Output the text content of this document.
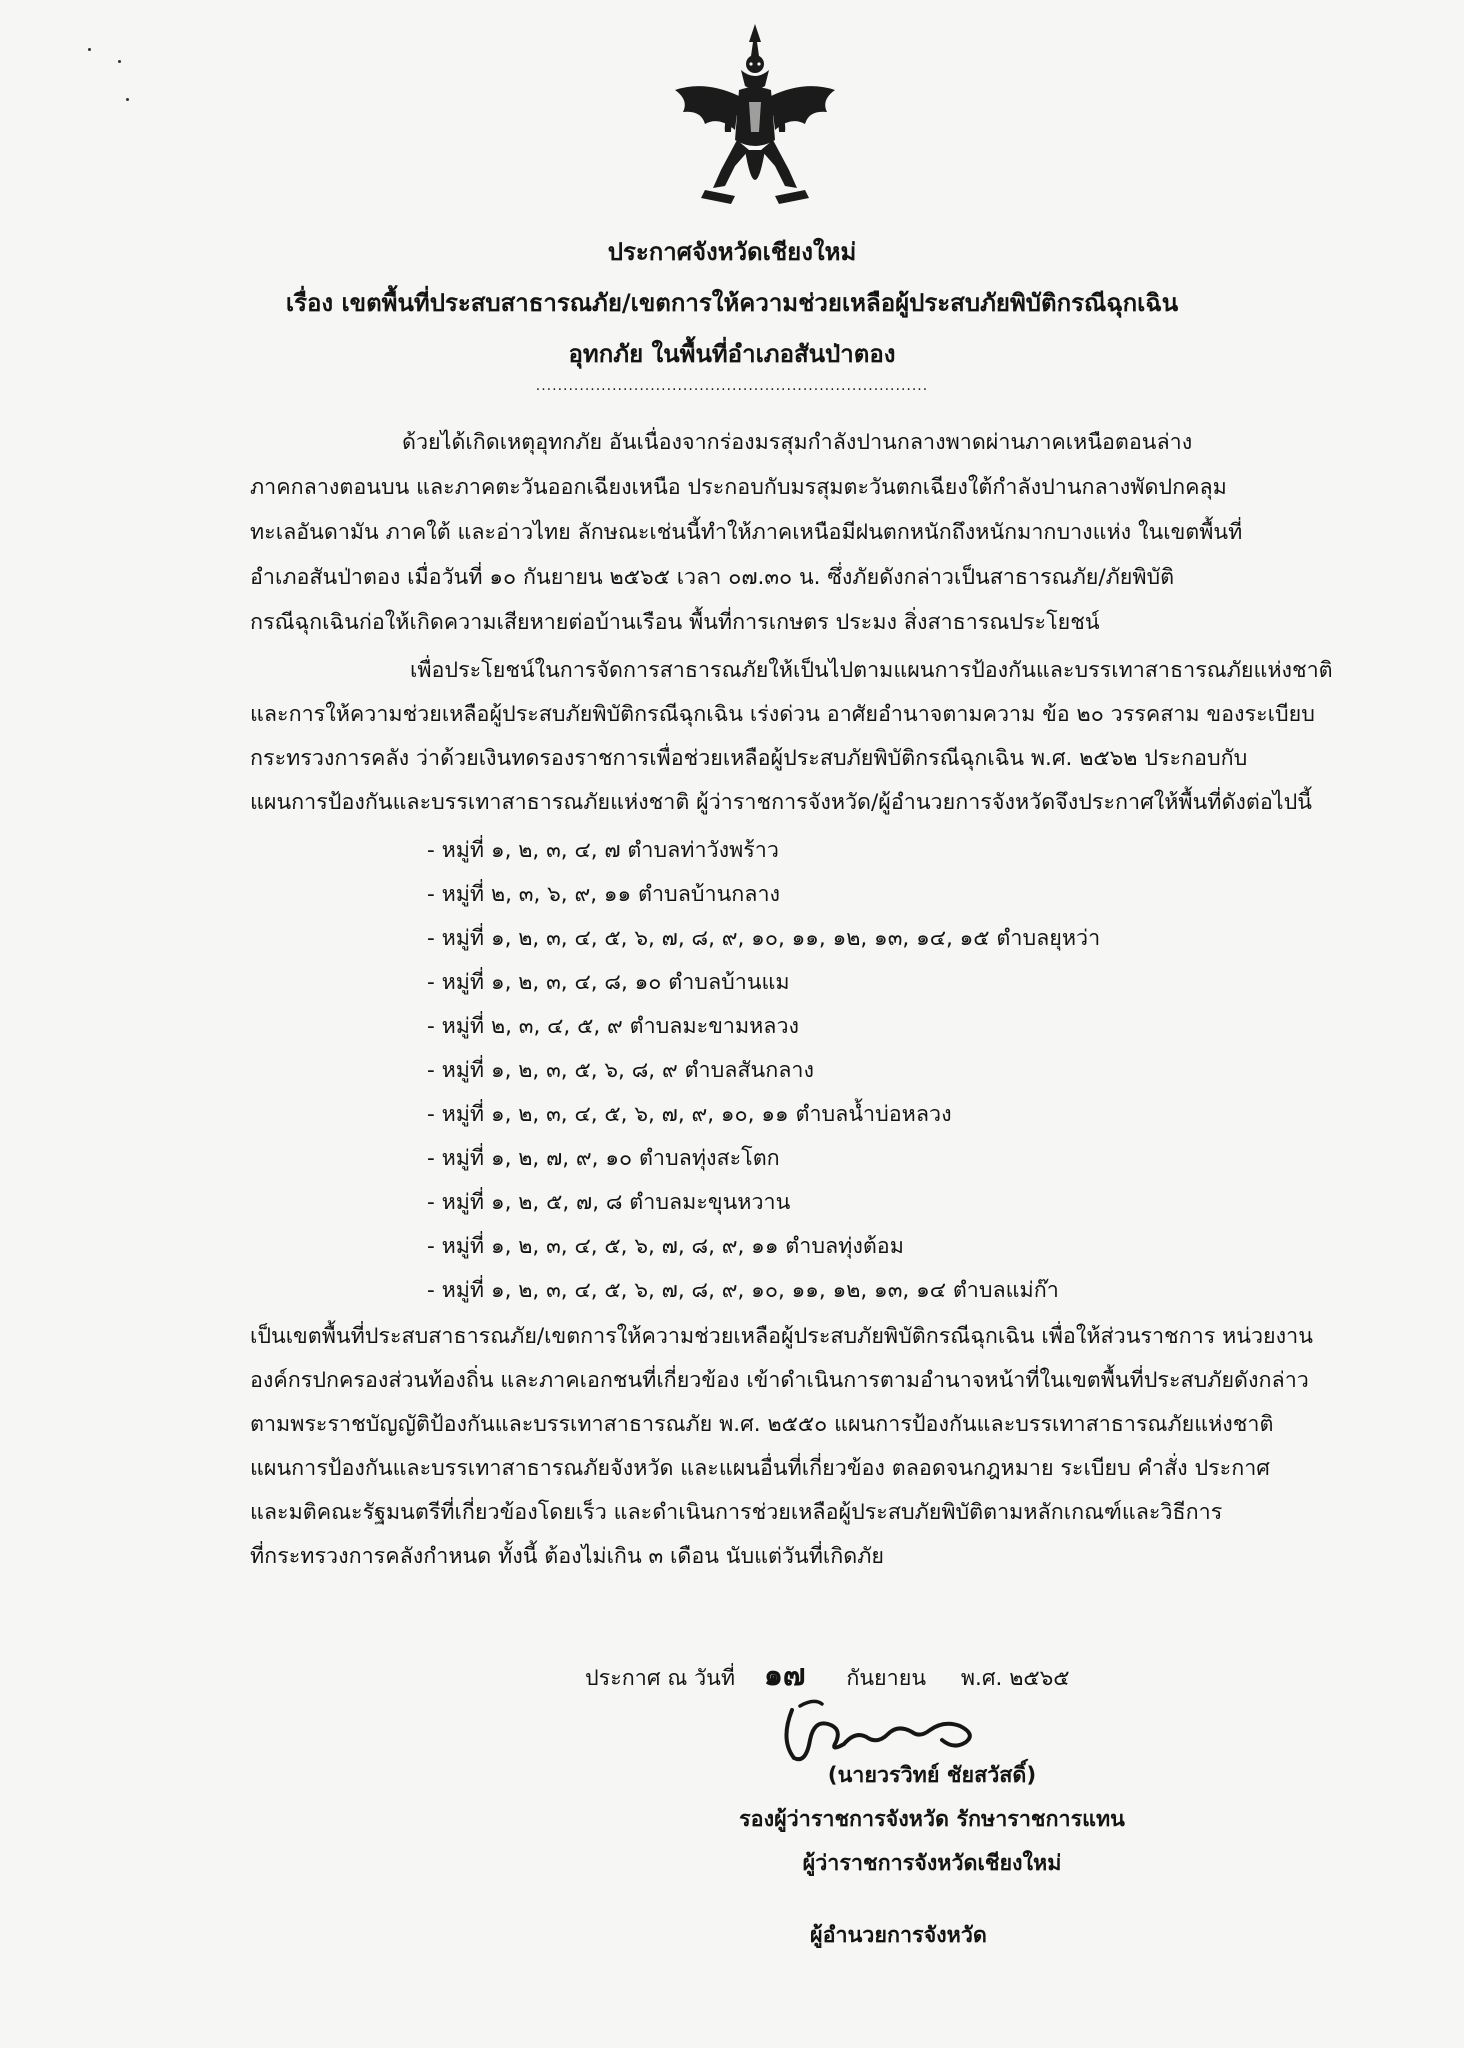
ประกาศจังหวัดเชียงใหม่
เรื่อง เขตพื้นที่ประสบสาธารณภัย/เขตการให้ความช่วยเหลือผู้ประสบภัยพิบัติกรณีฉุกเฉิน
อุทกภัย ในพื้นที่อำเภอสันป่าตอง
........................................................................
ด้วยได้เกิดเหตุอุทกภัย อันเนื่องจากร่องมรสุมกำลังปานกลางพาดผ่านภาคเหนือตอนล่าง
ภาคกลางตอนบน และภาคตะวันออกเฉียงเหนือ ประกอบกับมรสุมตะวันตกเฉียงใต้กำลังปานกลางพัดปกคลุม
ทะเลอันดามัน ภาคใต้ และอ่าวไทย ลักษณะเช่นนี้ทำให้ภาคเหนือมีฝนตกหนักถึงหนักมากบางแห่ง ในเขตพื้นที่
อำเภอสันป่าตอง เมื่อวันที่ ๑๐ กันยายน ๒๕๖๕ เวลา ๐๗.๓๐ น. ซึ่งภัยดังกล่าวเป็นสาธารณภัย/ภัยพิบัติ
กรณีฉุกเฉินก่อให้เกิดความเสียหายต่อบ้านเรือน พื้นที่การเกษตร ประมง สิ่งสาธารณประโยชน์
เพื่อประโยชน์ในการจัดการสาธารณภัยให้เป็นไปตามแผนการป้องกันและบรรเทาสาธารณภัยแห่งชาติ
และการให้ความช่วยเหลือผู้ประสบภัยพิบัติกรณีฉุกเฉิน เร่งด่วน อาศัยอำนาจตามความ ข้อ ๒๐ วรรคสาม ของระเบียบ
กระทรวงการคลัง ว่าด้วยเงินทดรองราชการเพื่อช่วยเหลือผู้ประสบภัยพิบัติกรณีฉุกเฉิน พ.ศ. ๒๕๖๒ ประกอบกับ
แผนการป้องกันและบรรเทาสาธารณภัยแห่งชาติ ผู้ว่าราชการจังหวัด/ผู้อำนวยการจังหวัดจึงประกาศให้พื้นที่ดังต่อไปนี้
- หมู่ที่ ๑, ๒, ๓, ๔, ๗ ตำบลท่าวังพร้าว
- หมู่ที่ ๒, ๓, ๖, ๙, ๑๑ ตำบลบ้านกลาง
- หมู่ที่ ๑, ๒, ๓, ๔, ๕, ๖, ๗, ๘, ๙, ๑๐, ๑๑, ๑๒, ๑๓, ๑๔, ๑๕ ตำบลยุหว่า
- หมู่ที่ ๑, ๒, ๓, ๔, ๘, ๑๐ ตำบลบ้านแม
- หมู่ที่ ๒, ๓, ๔, ๕, ๙ ตำบลมะขามหลวง
- หมู่ที่ ๑, ๒, ๓, ๕, ๖, ๘, ๙ ตำบลสันกลาง
- หมู่ที่ ๑, ๒, ๓, ๔, ๕, ๖, ๗, ๙, ๑๐, ๑๑ ตำบลน้ำบ่อหลวง
- หมู่ที่ ๑, ๒, ๗, ๙, ๑๐ ตำบลทุ่งสะโตก
- หมู่ที่ ๑, ๒, ๕, ๗, ๘ ตำบลมะขุนหวาน
- หมู่ที่ ๑, ๒, ๓, ๔, ๕, ๖, ๗, ๘, ๙, ๑๑ ตำบลทุ่งต้อม
- หมู่ที่ ๑, ๒, ๓, ๔, ๕, ๖, ๗, ๘, ๙, ๑๐, ๑๑, ๑๒, ๑๓, ๑๔ ตำบลแม่ก๊า
เป็นเขตพื้นที่ประสบสาธารณภัย/เขตการให้ความช่วยเหลือผู้ประสบภัยพิบัติกรณีฉุกเฉิน เพื่อให้ส่วนราชการ หน่วยงาน
องค์กรปกครองส่วนท้องถิ่น และภาคเอกชนที่เกี่ยวข้อง เข้าดำเนินการตามอำนาจหน้าที่ในเขตพื้นที่ประสบภัยดังกล่าว
ตามพระราชบัญญัติป้องกันและบรรเทาสาธารณภัย พ.ศ. ๒๕๕๐ แผนการป้องกันและบรรเทาสาธารณภัยแห่งชาติ
แผนการป้องกันและบรรเทาสาธารณภัยจังหวัด และแผนอื่นที่เกี่ยวข้อง ตลอดจนกฎหมาย ระเบียบ คำสั่ง ประกาศ
และมติคณะรัฐมนตรีที่เกี่ยวข้องโดยเร็ว และดำเนินการช่วยเหลือผู้ประสบภัยพิบัติตามหลักเกณฑ์และวิธีการ
ที่กระทรวงการคลังกำหนด ทั้งนี้ ต้องไม่เกิน ๓ เดือน นับแต่วันที่เกิดภัย
ประกาศ ณ วันที่ ๑๗ กันยายน พ.ศ. ๒๕๖๕
(นายวรวิทย์ ชัยสวัสดิ์)
รองผู้ว่าราชการจังหวัด รักษาราชการแทน
ผู้ว่าราชการจังหวัดเชียงใหม่
ผู้อำนวยการจังหวัด
